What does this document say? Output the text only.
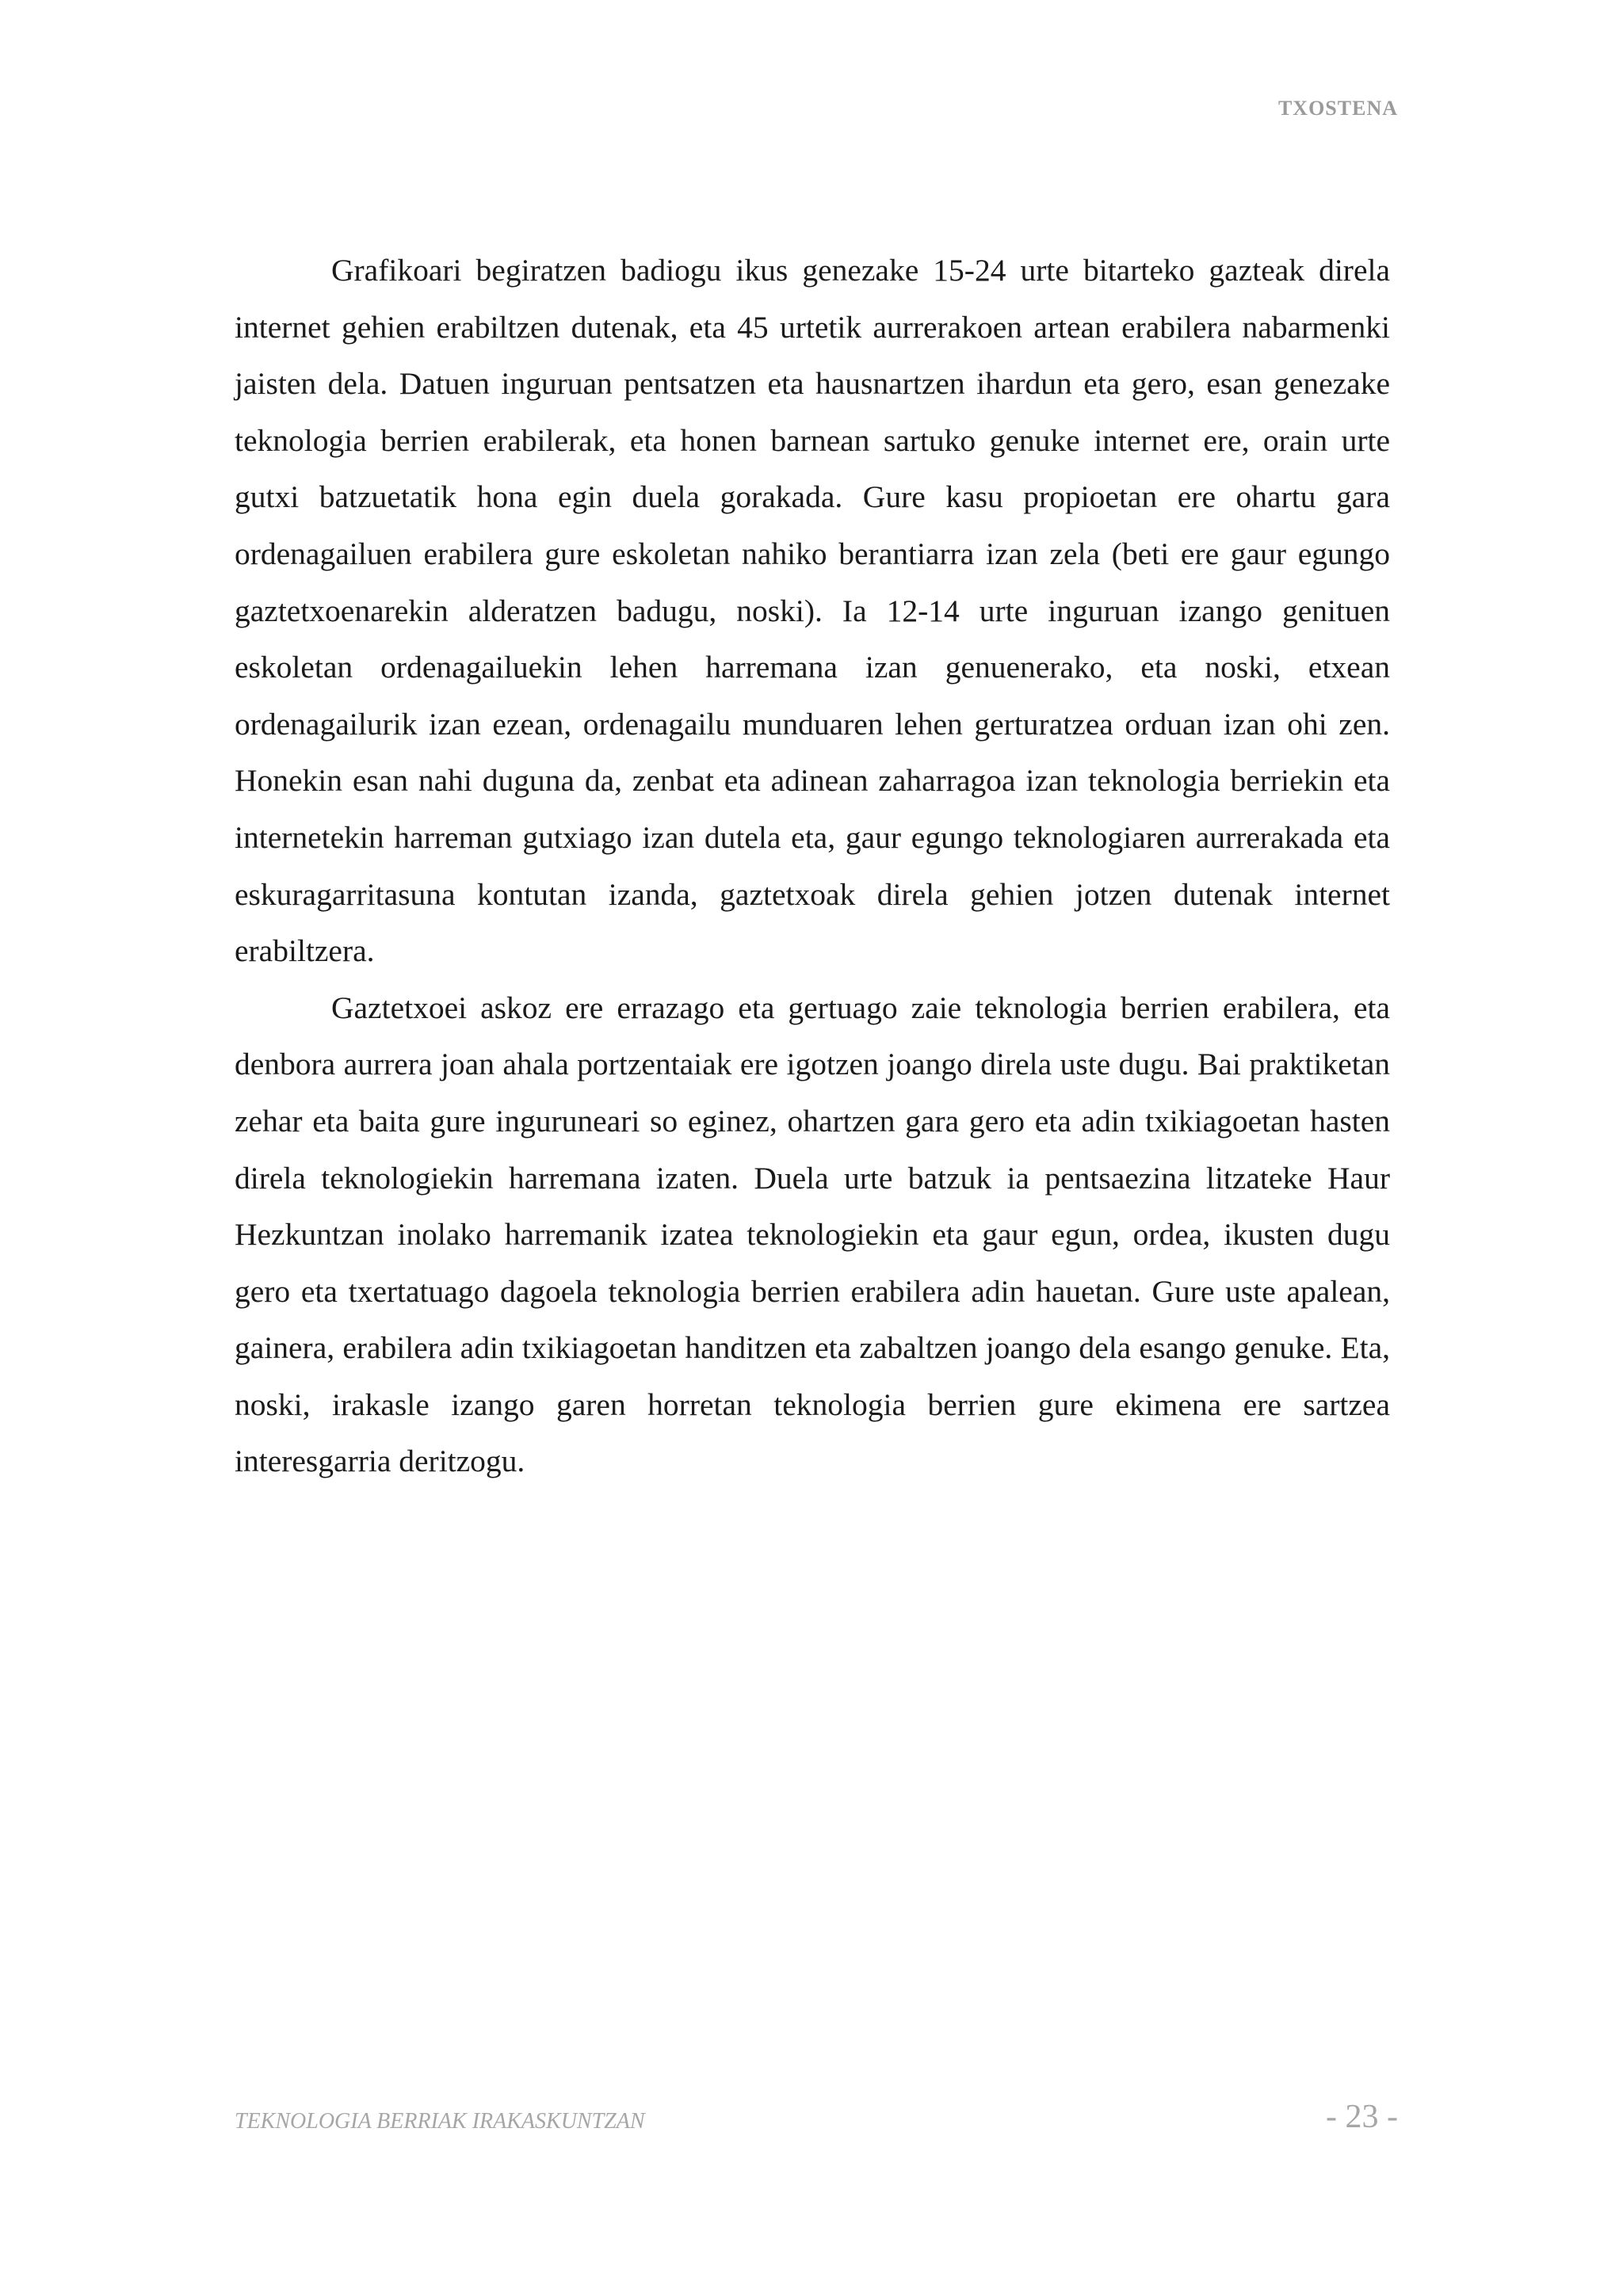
TXOSTENA

Grafikoari begiratzen badiogu ikus genezake 15-24 urte bitarteko gazteak direla internet gehien erabiltzen dutenak, eta 45 urtetik aurrerakoen artean erabilera nabarmenki jaisten dela. Datuen inguruan pentsatzen eta hausnartzen ihardun eta gero, esan genezake teknologia berrien erabilerak, eta honen barnean sartuko genuke internet ere, orain urte gutxi batzuetatik hona egin duela gorakada. Gure kasu propioetan ere ohartu gara ordenagailuen erabilera gure eskoletan nahiko berantiarra izan zela (beti ere gaur egungo gaztetxoenarekin alderatzen badugu, noski). Ia 12-14 urte inguruan izango genituen eskoletan ordenagailuekin lehen harremana izan genuenerako, eta noski, etxean ordenagailurik izan ezean, ordenagailu munduaren lehen gerturatzea orduan izan ohi zen. Honekin esan nahi duguna da, zenbat eta adinean zaharragoa izan teknologia berriekin eta internetekin harreman gutxiago izan dutela eta, gaur egungo teknologiaren aurrerakada eta eskuragarritasuna kontutan izanda, gaztetxoak direla gehien jotzen dutenak internet erabiltzera.

Gaztetxoei askoz ere errazago eta gertuago zaie teknologia berrien erabilera, eta denbora aurrera joan ahala portzentaiak ere igotzen joango direla uste dugu. Bai praktiketan zehar eta baita gure inguruneari so eginez, ohartzen gara gero eta adin txikiagoetan hasten direla teknologiekin harremana izaten. Duela urte batzuk ia pentsaezina litzateke Haur Hezkuntzan inolako harremanik izatea teknologiekin eta gaur egun, ordea, ikusten dugu gero eta txertatuago dagoela teknologia berrien erabilera adin hauetan. Gure uste apalean, gainera, erabilera adin txikiagoetan handitzen eta zabaltzen joango dela esango genuke. Eta, noski, irakasle izango garen horretan teknologia berrien gure ekimena ere sartzea interesgarria deritzogu.

TEKNOLOGIA BERRIAK IRAKASKUNTZAN	- 23 -
